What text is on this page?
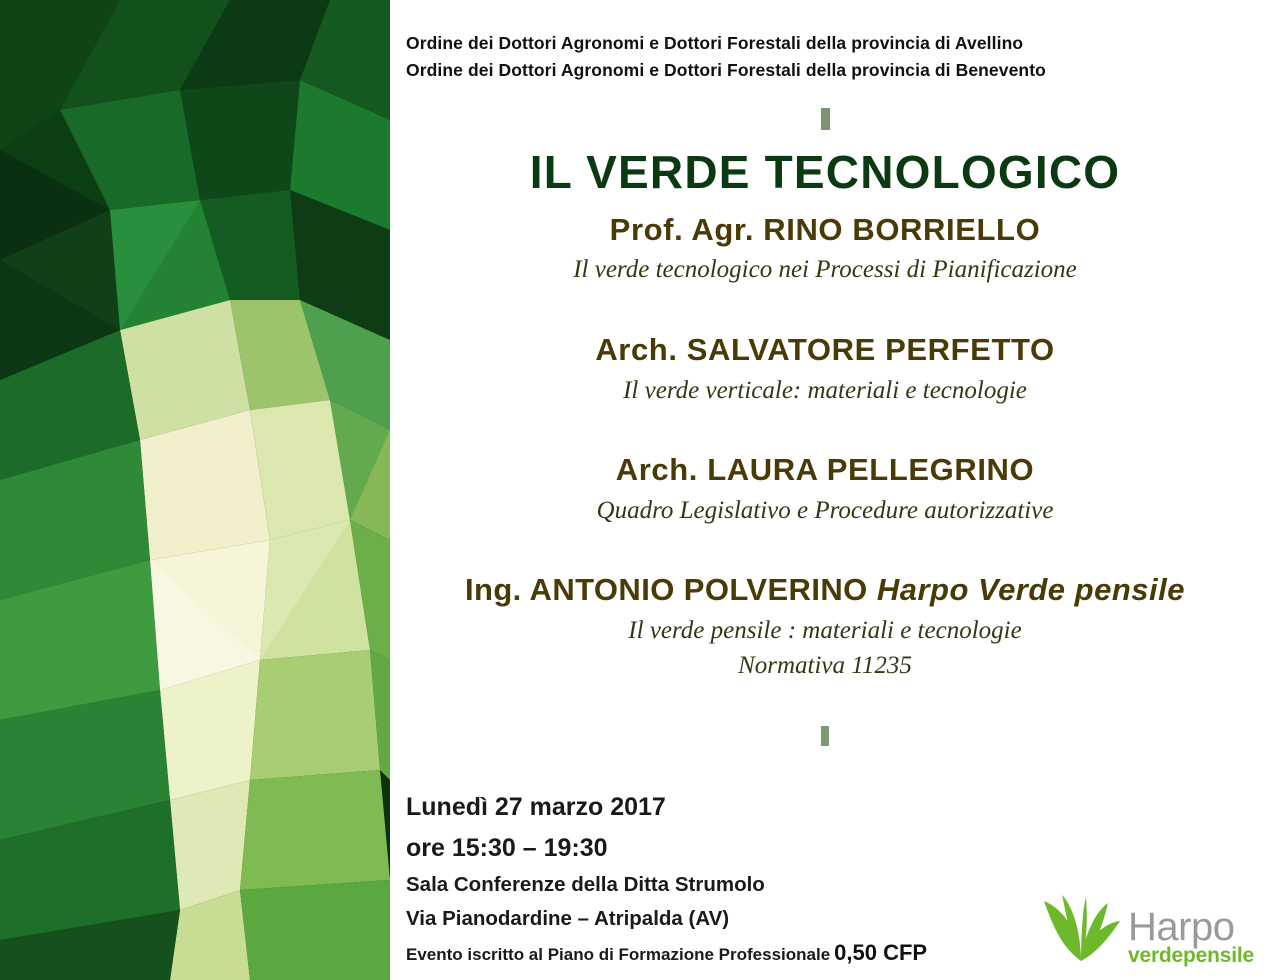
Ordine dei Dottori Agronomi e Dottori Forestali della provincia di Avellino
Ordine dei Dottori Agronomi e Dottori Forestali della provincia di Benevento
IL VERDE TECNOLOGICO
Prof. Agr. RINO BORRIELLO
Il verde tecnologico nei Processi di Pianificazione
Arch. SALVATORE PERFETTO
Il verde verticale: materiali e tecnologie
Arch. LAURA PELLEGRINO
Quadro Legislativo e Procedure autorizzative
Ing. ANTONIO POLVERINO Harpo Verde pensile
Il verde pensile : materiali e tecnologie
Normativa 11235
Lunedì 27 marzo 2017
ore 15:30 – 19:30
Sala Conferenze della Ditta Strumolo
Via Pianodardine – Atripalda (AV)
Evento iscritto al Piano di Formazione Professionale 0,50 CFP
Harpo
verdepensile
